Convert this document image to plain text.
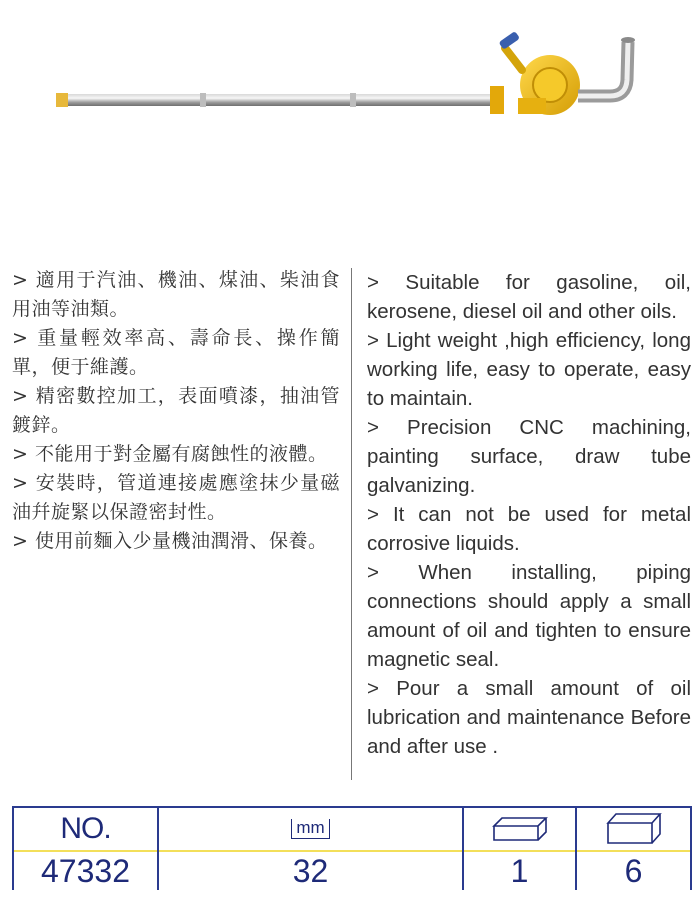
> 適用于汽油、機油、煤油、柴油食用油等油類。

> 重量輕效率高、壽命長、操作簡單，便于維護。

> 精密數控加工，表面噴漆，抽油管鍍鋅。

> 不能用于對金屬有腐蝕性的液體。

> 安裝時，管道連接處應塗抹少量磁油幷旋緊以保證密封性。

> 使用前麵入少量機油潤滑、保養。

> Suitable for gasoline, oil, kerosene, diesel oil and other oils.

> Light weight ,high efficiency, long working life, easy to operate, easy to maintain.

> Precision CNC machining, painting surface, draw tube galvanizing.

> It can not be used for metal corrosive liquids.

> When installing, piping connections should apply a small amount of oil and tighten to ensure magnetic seal.

> Pour a small amount of oil lubrication and maintenance Before and after use .

NO.	mm
47332	32	1	6
